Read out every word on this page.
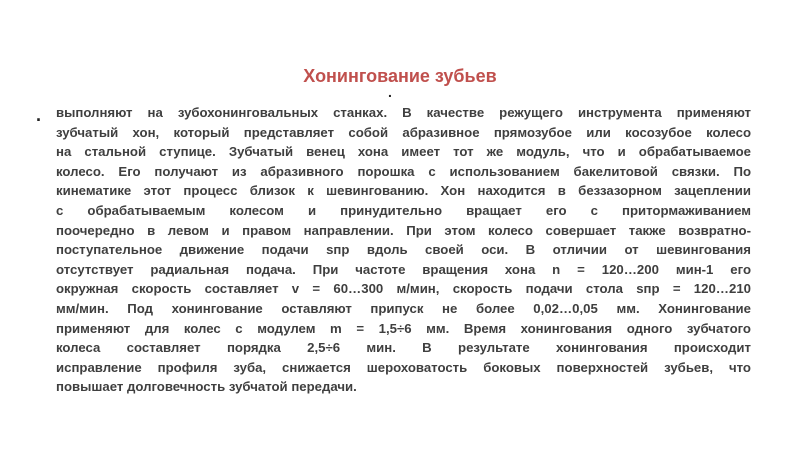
Хонингование зубьев
.
. выполняют на зубохонинговальных станках. В качестве режущего инструмента применяют
зубчатый хон, который представляет собой абразивное прямозубое или косозубое колесо
на стальной ступице. Зубчатый венец хона имеет тот же модуль, что и обрабатываемое
колесо. Его получают из абразивного порошка с использованием бакелитовой связки. По
кинематике этот процесс близок к шевингованию. Хон находится в беззазорном зацеплении
с обрабатываемым колесом и принудительно вращает его с притормаживанием
поочередно в левом и правом направлении. При этом колесо совершает также возвратно-
поступательное движение подачи sпр вдоль своей оси. В отличии от шевингования
отсутствует радиальная подача. При частоте вращения хона n = 120…200 мин-1 его
окружная скорость составляет v = 60…300 м/мин, скорость подачи стола sпр = 120…210
мм/мин. Под хонингование оставляют припуск не более 0,02…0,05 мм. Хонингование
применяют для колес с модулем m = 1,5÷6 мм. Время хонингования одного зубчатого
колеса составляет порядка 2,5÷6 мин. В результате хонингования происходит
исправление профиля зуба, снижается шероховатость боковых поверхностей зубьев, что
повышает долговечность зубчатой передачи.
